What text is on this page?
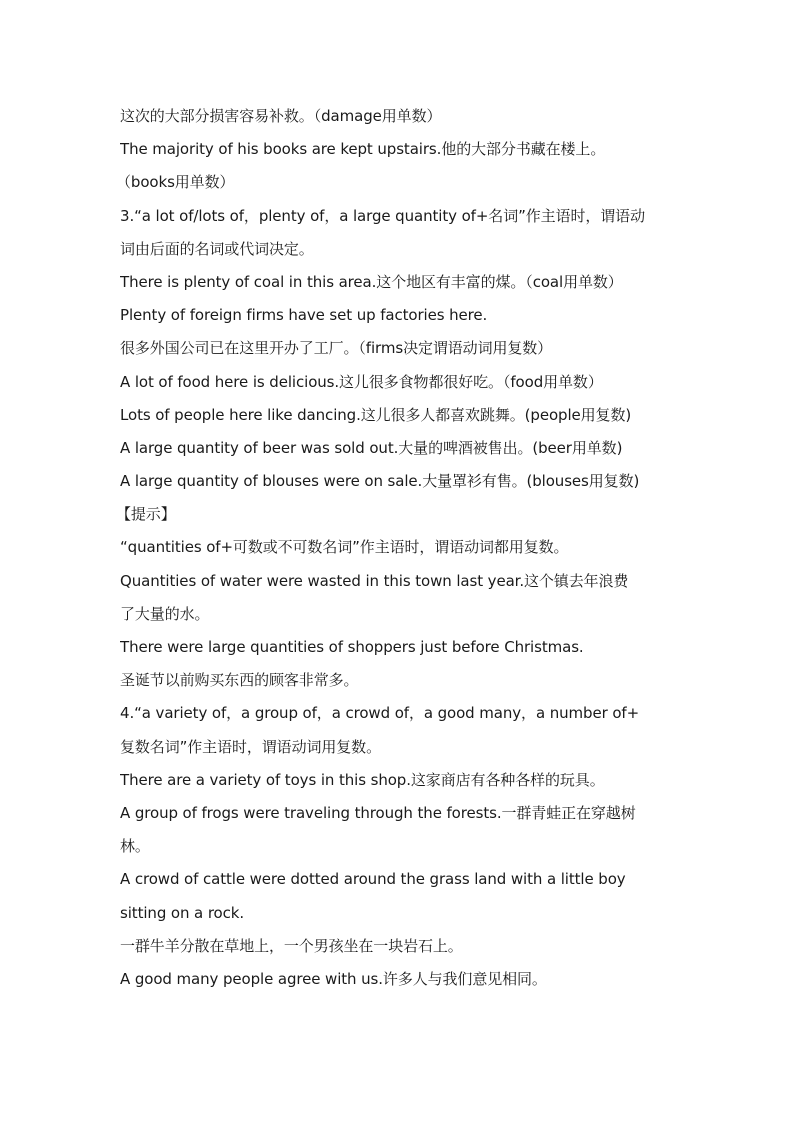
这次的大部分损害容易补救。（damage用单数）
The majority of his books are kept upstairs.他的大部分书藏在楼上。
（books用单数）
3.“a lot of/lots of，plenty of，a large quantity of+名词”作主语时，谓语动
词由后面的名词或代词决定。
There is plenty of coal in this area.这个地区有丰富的煤。（coal用单数）
Plenty of foreign firms have set up factories here.
很多外国公司已在这里开办了工厂。（firms决定谓语动词用复数）
A lot of food here is delicious.这儿很多食物都很好吃。（food用单数）
Lots of people here like dancing.这儿很多人都喜欢跳舞。(people用复数)
A large quantity of beer was sold out.大量的啤酒被售出。(beer用单数)
A large quantity of blouses were on sale.大量罩衫有售。(blouses用复数)
【提示】
“quantities of+可数或不可数名词”作主语时，谓语动词都用复数。
Quantities of water were wasted in this town last year.这个镇去年浪费
了大量的水。
There were large quantities of shoppers just before Christmas.
圣诞节以前购买东西的顾客非常多。
4.“a variety of，a group of，a crowd of，a good many，a number of+
复数名词”作主语时，谓语动词用复数。
There are a variety of toys in this shop.这家商店有各种各样的玩具。
A group of frogs were traveling through the forests.一群青蛙正在穿越树
林。
A crowd of cattle were dotted around the grass land with a little boy
sitting on a rock.
一群牛羊分散在草地上，一个男孩坐在一块岩石上。
A good many people agree with us.许多人与我们意见相同。
